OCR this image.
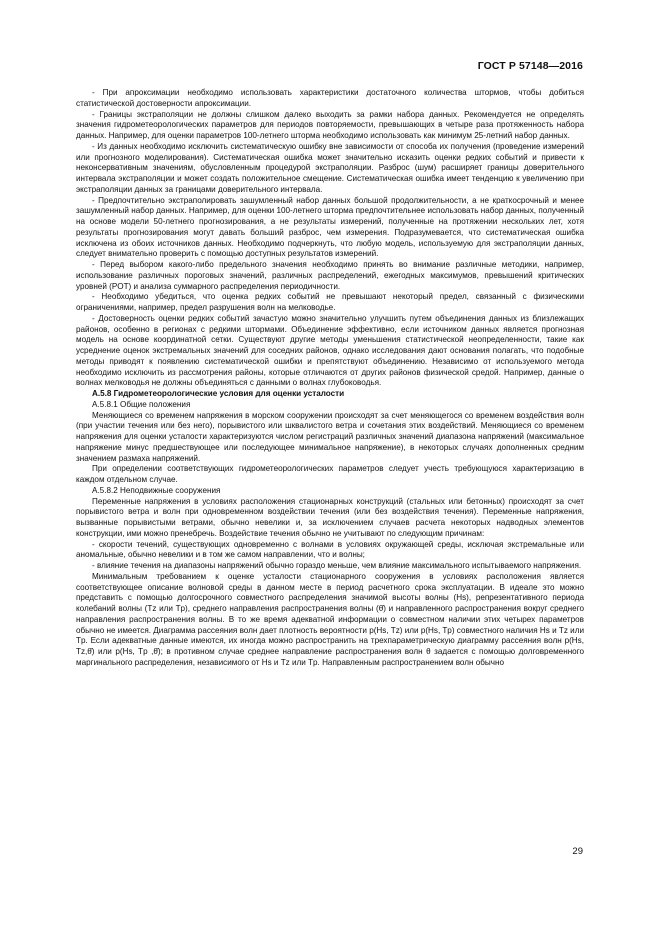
ГОСТ Р 57148—2016

- При апроксимации необходимо использовать характеристики достаточного количества штормов, чтобы добиться статистической достоверности апроксимации.

- Границы экстраполяции не должны слишком далеко выходить за рамки набора данных. Рекомендуется не определять значения гидрометеорологических параметров для периодов повторяемости, превышающих в четыре раза протяженность набора данных. Например, для оценки параметров 100-летнего шторма необходимо использовать как минимум 25-летний набор данных.

- Из данных необходимо исключить систематическую ошибку вне зависимости от способа их получения (проведение измерений или прогнозного моделирования). Систематическая ошибка может значительно исказить оценки редких событий и привести к неконсервативным значениям, обусловленным процедурой экстраполяции. Разброс (шум) расширяет границы доверительного интервала экстраполяции и может создать положительное смещение. Систематическая ошибка имеет тенденцию к увеличению при экстраполяции данных за границами доверительного интервала.

- Предпочтительно экстраполировать зашумленный набор данных большой продолжительности, а не краткосрочный и менее зашумленный набор данных. Например, для оценки 100-летнего шторма предпочтительнее использовать набор данных, полученный на основе модели 50-летнего прогнозирования, а не результаты измерений, полученные на протяжении нескольких лет, хотя результаты прогнозирования могут давать больший разброс, чем измерения. Подразумевается, что систематическая ошибка исключена из обоих источников данных. Необходимо подчеркнуть, что любую модель, используемую для экстраполяции данных, следует внимательно проверить с помощью доступных результатов измерений.

- Перед выбором какого-либо предельного значения необходимо принять во внимание различные методики, например, использование различных пороговых значений, различных распределений, ежегодных максимумов, превышений критических уровней (POT) и анализа суммарного распределения периодичности.

- Необходимо убедиться, что оценка редких событий не превышают некоторый предел, связанный с физическими ограничениями, например, предел разрушения волн на мелководье.

- Достоверность оценки редких событий зачастую можно значительно улучшить путем объединения данных из близлежащих районов, особенно в регионах с редкими штормами. Объединение эффективно, если источником данных является прогнозная модель на основе координатной сетки. Существуют другие методы уменьшения статистической неопределенности, такие как усреднение оценок экстремальных значений для соседних районов, однако исследования дают основания полагать, что подобные методы приводят к появлению систематической ошибки и препятствуют объединению. Независимо от используемого метода необходимо исключить из рассмотрения районы, которые отличаются от других районов физической средой. Например, данные о волнах мелководья не должны объединяться с данными о волнах глубоководья.

А.5.8 Гидрометеорологические условия для оценки усталости

А.5.8.1 Общие положения

Меняющиеся со временем напряжения в морском сооружении происходят за счет меняющегося со временем воздействия волн (при участии течения или без него), порывистого или шквалистого ветра и сочетания этих воздействий. Меняющиеся со временем напряжения для оценки усталости характеризуются числом регистраций различных значений диапазона напряжений (максимальное напряжение минус предшествующее или последующее минимальное напряжение), в некоторых случаях дополненных средним значением размаха напряжений.

При определении соответствующих гидрометеорологических параметров следует учесть требующуюся характеризацию в каждом отдельном случае.

А.5.8.2 Неподвижные сооружения

Переменные напряжения в условиях расположения стационарных конструкций (стальных или бетонных) происходят за счет порывистого ветра и волн при одновременном воздействии течения (или без воздействия течения). Переменные напряжения, вызванные порывистыми ветрами, обычно невелики и, за исключением случаев расчета некоторых надводных элементов конструкции, ими можно пренебречь. Воздействие течения обычно не учитывают по следующим причинам:

- скорости течений, существующих одновременно с волнами в условиях окружающей среды, исключая экстремальные или аномальные, обычно невелики и в том же самом направлении, что и волны;

- влияние течения на диапазоны напряжений обычно гораздо меньше, чем влияние максимального испытываемого напряжения.

Минимальным требованием к оценке усталости стационарного сооружения в условиях расположения является соответствующее описание волновой среды в данном месте в период расчетного срока эксплуатации. В идеале это можно представить с помощью долгосрочного совместного распределения значимой высоты волны (Hs), репрезентативного периода колебаний волны (Tz или Tp), среднего направления распространения волны (θ̄) и направленного распространения вокруг среднего направления распространения волны. В то же время адекватной информации о совместном наличии этих четырех параметров обычно не имеется. Диаграмма рассеяния волн дает плотность вероятности p(Hs, Tz) или p(Hs, Tp) совместного наличия Hs и Tz или Tp. Если адекватные данные имеются, их иногда можно распространить на трехпараметрическую диаграмму рассеяния волн p(Hs, Tz,θ̄) или p(Hs, Tp ,θ̄); в противном случае среднее направление распространения волн θ задается с помощью долговременного маргинального распределения, независимого от Hs и Tz или Tp. Направленным распространением волн обычно

29
